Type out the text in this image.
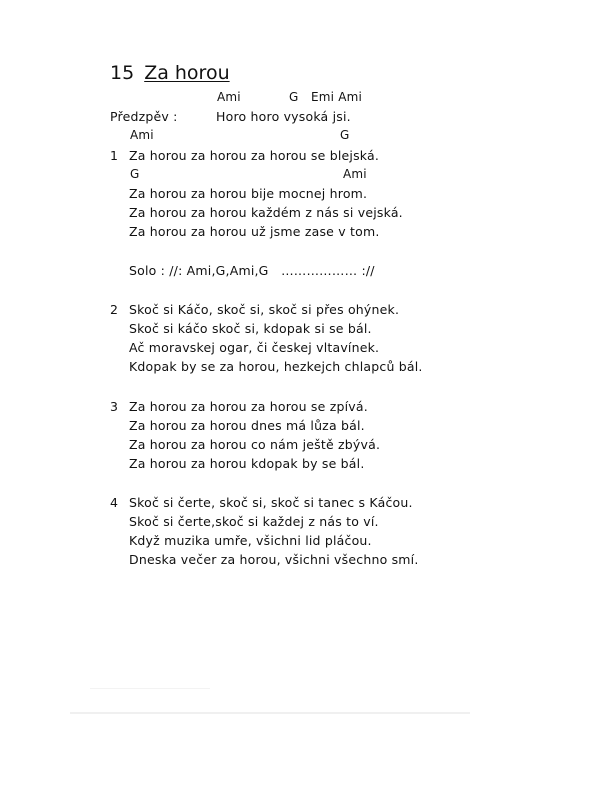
15 Za horou
Ami	G Emi Ami
Předzpěv :	Horo horo vysoká jsi.
Ami	G
1 Za horou za horou za horou se blejská.
G	Ami
Za horou za horou bije mocnej hrom.
Za horou za horou každém z nás si vejská.
Za horou za horou už jsme zase v tom.
Solo : //: Ami,G,Ami,G   ……………… ://
2 Skoč si Káčo, skoč si, skoč si přes ohýnek.
Skoč si káčo skoč si, kdopak si se bál.
Ač moravskej ogar, či českej vltavínek.
Kdopak by se za horou, hezkejch chlapců bál.
3 Za horou za horou za horou se zpívá.
Za horou za horou dnes má lůza bál.
Za horou za horou co nám ještě zbývá.
Za horou za horou kdopak by se bál.
4 Skoč si čerte, skoč si, skoč si tanec s Káčou.
Skoč si čerte,skoč si každej z nás to ví.
Když muzika umře, všichni lid pláčou.
Dneska večer za horou, všichni všechno smí.
